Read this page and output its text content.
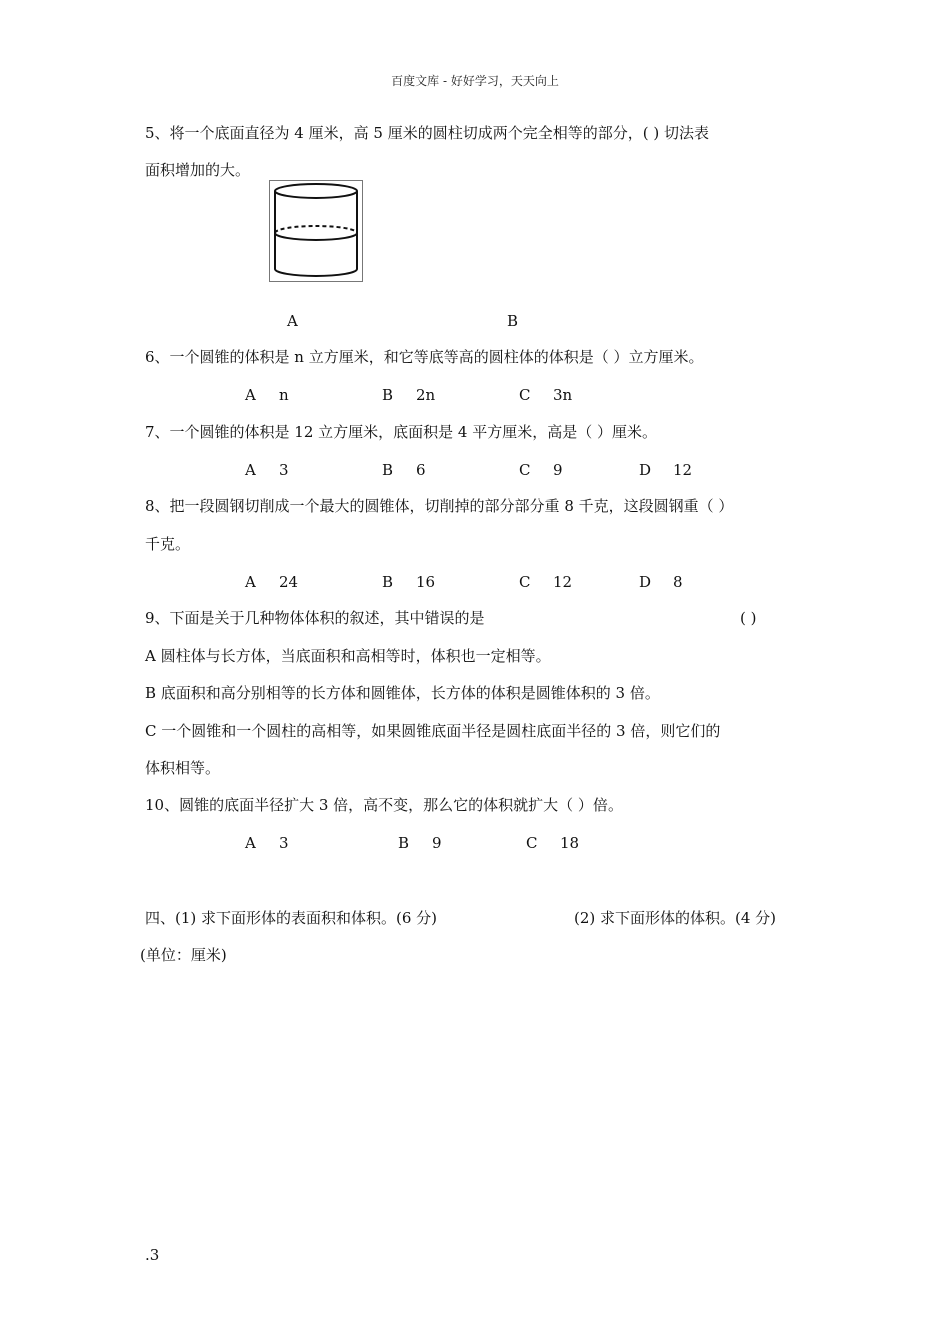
百度文库 - 好好学习，天天向上
5、将一个底面直径为 4 厘米，高 5 厘米的圆柱切成两个完全相等的部分，( ) 切法表
面积增加的大。
A	B
6、一个圆锥的体积是 n 立方厘米，和它等底等高的圆柱体的体积是（ ）立方厘米。
A n	B 2n	C 3n
7、一个圆锥的体积是 12 立方厘米，底面积是 4 平方厘米，高是（ ）厘米。
A 3	B 6	C 9	D 12
8、把一段圆钢切削成一个最大的圆锥体，切削掉的部分部分重 8 千克，这段圆钢重（ ）
千克。
A 24	B 16	C 12	D 8
9、下面是关于几种物体体积的叙述，其中错误的是	( )
A 圆柱体与长方体，当底面积和高相等时，体积也一定相等。
B 底面积和高分别相等的长方体和圆锥体，长方体的体积是圆锥体积的 3 倍。
C 一个圆锥和一个圆柱的高相等，如果圆锥底面半径是圆柱底面半径的 3 倍，则它们的
体积相等。
10、圆锥的底面半径扩大 3 倍，高不变，那么它的体积就扩大（ ）倍。
A 3	B 9	C 18
四、(1) 求下面形体的表面积和体积。(6 分)	(2) 求下面形体的体积。(4 分)
(单位：厘米)
.3
